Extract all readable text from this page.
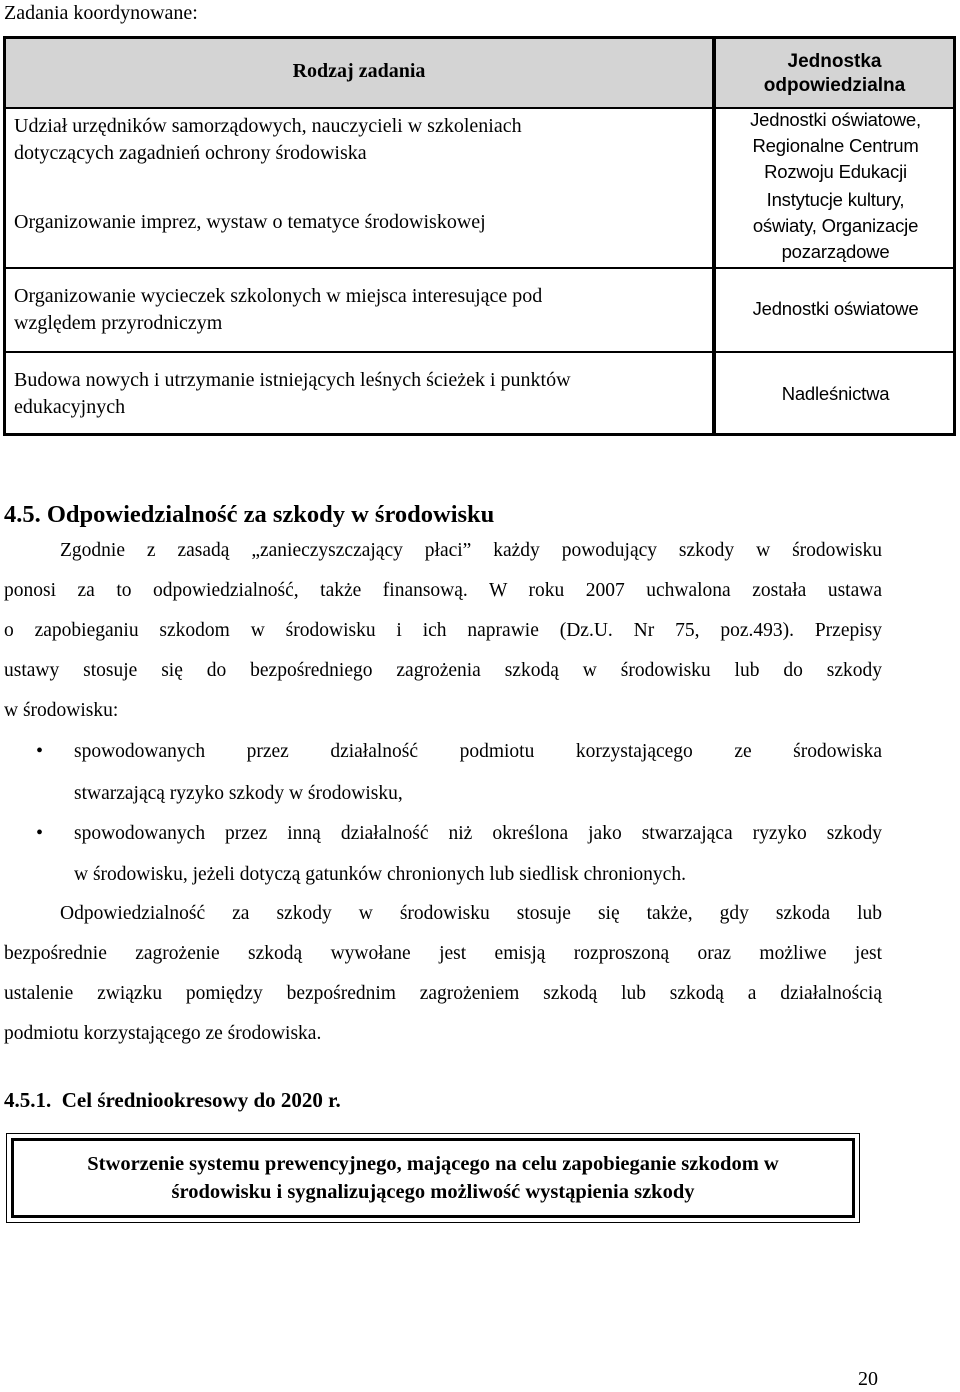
Zadania koordynowane:
Rodzaj zadania	Jednostka
odpowiedzialna
Udział urzędników samorządowych, nauczycieli w szkoleniach
dotyczących zagadnień ochrony środowiska
Jednostki oświatowe,
Regionalne Centrum
Rozwoju Edukacji
Organizowanie imprez, wystaw o tematyce środowiskowej
Instytucje kultury,
oświaty, Organizacje
pozarządowe
Organizowanie wycieczek szkolonych w miejsca interesujące pod
względem przyrodniczym
Jednostki oświatowe
Budowa nowych i utrzymanie istniejących leśnych ścieżek i punktów
edukacyjnych
Nadleśnictwa
4.5. Odpowiedzialność za szkody w środowisku
Zgodnie z zasadą „zanieczyszczający płaci” każdy powodujący szkody w środowisku
ponosi za to odpowiedzialność, także finansową. W roku 2007 uchwalona została ustawa
o zapobieganiu szkodom w środowisku i ich naprawie (Dz.U. Nr 75, poz.493). Przepisy
ustawy stosuje się do bezpośredniego zagrożenia szkodą w środowisku lub do szkody
w środowisku:
• spowodowanych przez działalność podmiotu korzystającego ze środowiska
stwarzającą ryzyko szkody w środowisku,
• spowodowanych przez inną działalność niż określona jako stwarzająca ryzyko szkody
w środowisku, jeżeli dotyczą gatunków chronionych lub siedlisk chronionych.
Odpowiedzialność za szkody w środowisku stosuje się także, gdy szkoda lub
bezpośrednie zagrożenie szkodą wywołane jest emisją rozproszoną oraz możliwe jest
ustalenie związku pomiędzy bezpośrednim zagrożeniem szkodą lub szkodą a działalnością
podmiotu korzystającego ze środowiska.
4.5.1.  Cel średniookresowy do 2020 r.
Stworzenie systemu prewencyjnego, mającego na celu zapobieganie szkodom w
środowisku i sygnalizującego możliwość wystąpienia szkody
20
